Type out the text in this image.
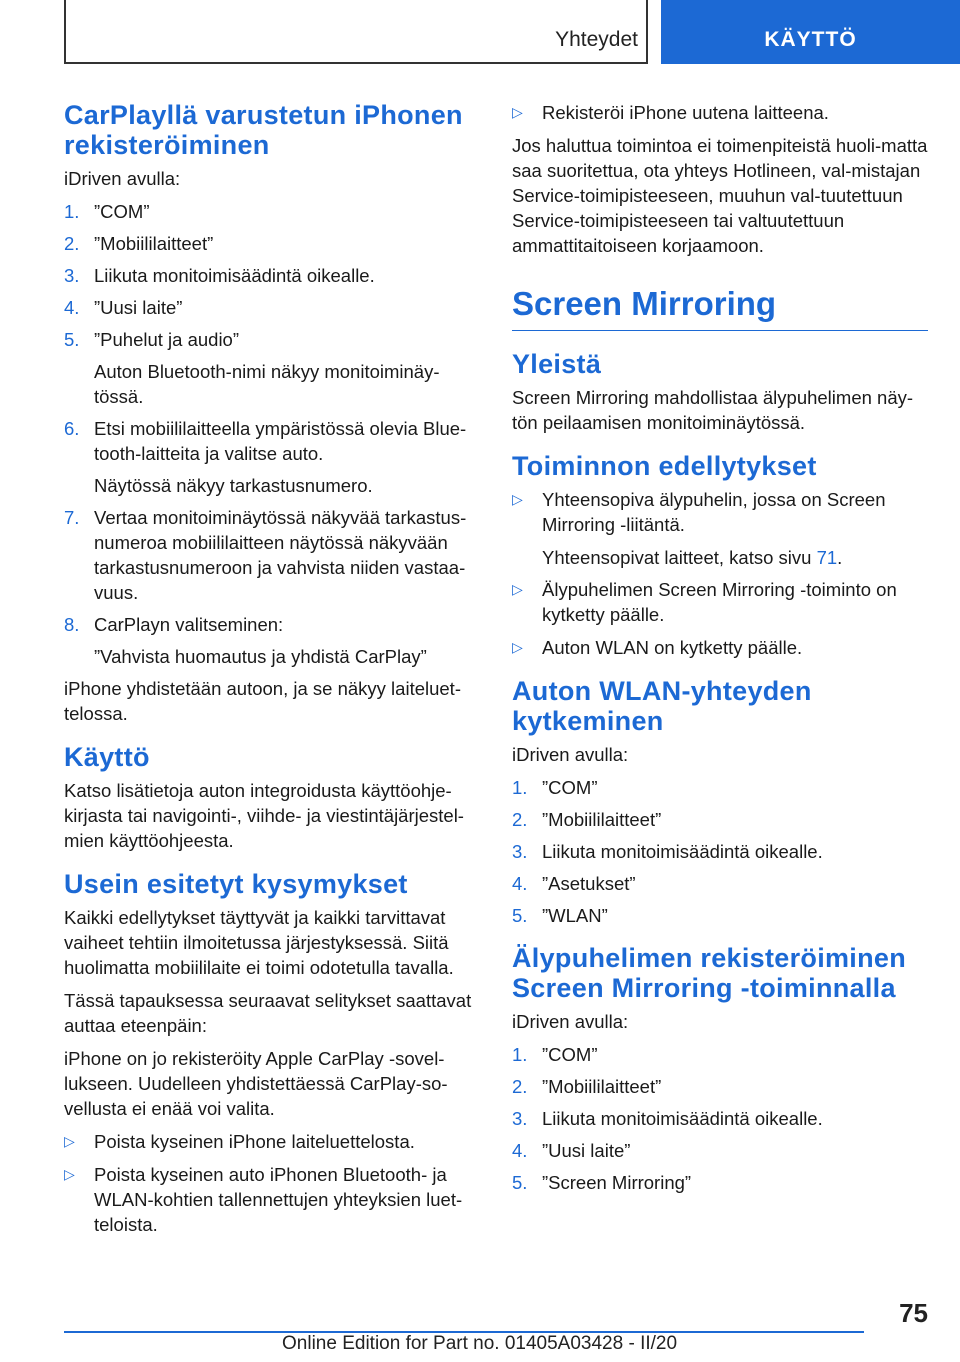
Yhteydet	KÄYTTÖ
CarPlayllä varustetun iPhonen rekisteröiminen

iDriven avulla:

1. ”COM”
2. ”Mobiililaitteet”
3. Liikuta monitoimisäädintä oikealle.
4. ”Uusi laite”
5. ”Puhelut ja audio”
Auton Bluetooth-nimi näkyy monitoiminäy-tössä.
6. Etsi mobiililaitteella ympäristössä olevia Blue-tooth-laitteita ja valitse auto.
Näytössä näkyy tarkastusnumero.
7. Vertaa monitoiminäytössä näkyvää tarkastus-numeroa mobiililaitteen näytössä näkyvään tarkastusnumeroon ja vahvista niiden vastaa-vuus.
8. CarPlayn valitseminen:
”Vahvista huomautus ja yhdistä CarPlay”

iPhone yhdistetään autoon, ja se näkyy laiteluet-telossa.

Käyttö

Katso lisätietoja auton integroidusta käyttöohje-kirjasta tai navigointi-, viihde- ja viestintäjärjestel-mien käyttöohjeesta.

Usein esitetyt kysymykset

Kaikki edellytykset täyttyvät ja kaikki tarvittavat vaiheet tehtiin ilmoitetussa järjestyksessä. Siitä huolimatta mobiililaite ei toimi odotetulla tavalla.

Tässä tapauksessa seuraavat selitykset saattavat auttaa eteenpäin:

iPhone on jo rekisteröity Apple CarPlay -sovel-lukseen. Uudelleen yhdistettäessä CarPlay-so-vellusta ei enää voi valita.

▷ Poista kyseinen iPhone laiteluettelosta.
▷ Poista kyseinen auto iPhonen Bluetooth- ja WLAN-kohtien tallennettujen yhteyksien luet-teloista.
▷ Rekisteröi iPhone uutena laitteena.

Jos haluttua toimintoa ei toimenpiteistä huoli-matta saa suoritettua, ota yhteys Hotlineen, val-mistajan Service-toimipisteeseen, muuhun val-tuutettuun Service-toimipisteeseen tai valtuutettuun ammattitaitoiseen korjaamoon.

Screen Mirroring
Yleistä

Screen Mirroring mahdollistaa älypuhelimen näy-tön peilaamisen monitoiminäytössä.

Toiminnon edellytykset
▷ Yhteensopiva älypuhelin, jossa on Screen Mirroring -liitäntä.
Yhteensopivat laitteet, katso sivu 71.
▷ Älypuhelimen Screen Mirroring -toiminto on kytketty päälle.
▷ Auton WLAN on kytketty päälle.
Auton WLAN-yhteyden kytkeminen

iDriven avulla:

1. ”COM”
2. ”Mobiililaitteet”
3. Liikuta monitoimisäädintä oikealle.
4. ”Asetukset”
5. ”WLAN”
Älypuhelimen rekisteröiminen Screen Mirroring -toiminnalla

iDriven avulla:

1. ”COM”
2. ”Mobiililaitteet”
3. Liikuta monitoimisäädintä oikealle.
4. ”Uusi laite”
5. ”Screen Mirroring”
75
Online Edition for Part no. 01405A03428 - II/20
